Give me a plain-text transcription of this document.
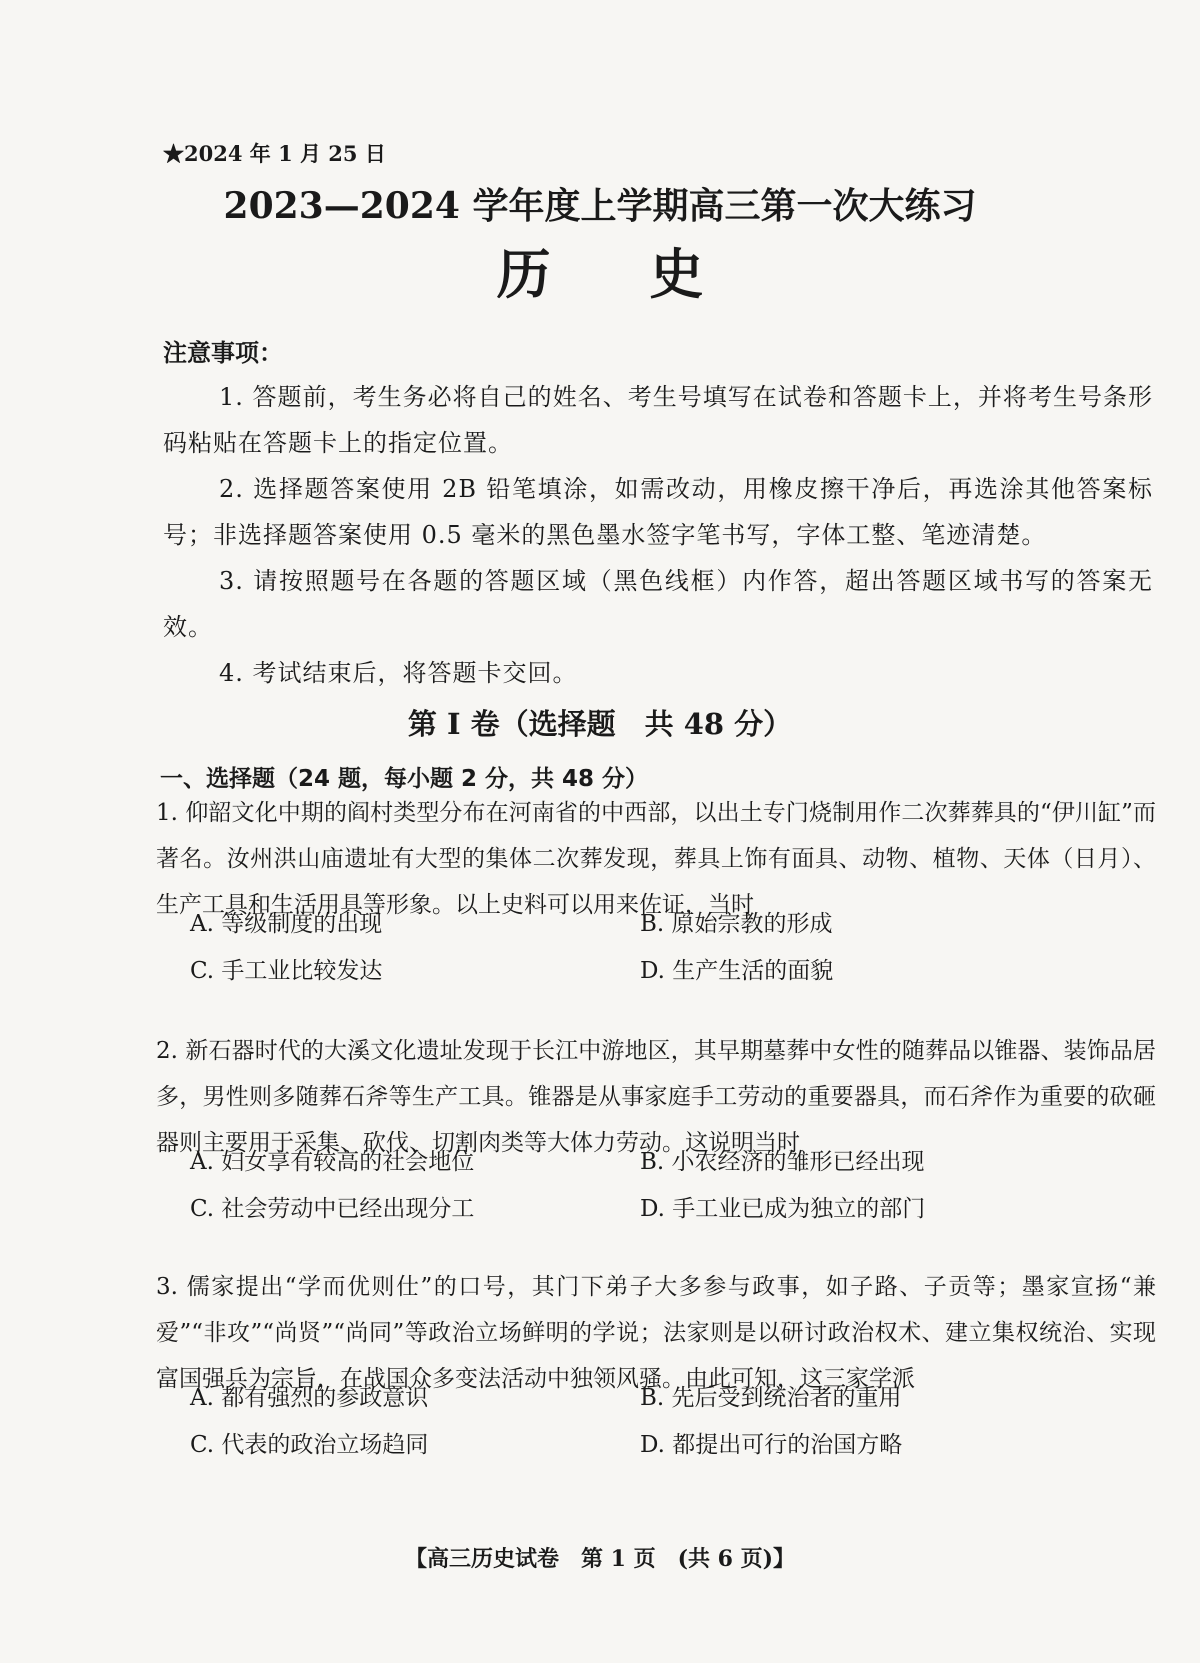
★2024 年 1 月 25 日
2023—2024 学年度上学期高三第一次大练习
历 史
注意事项：
1. 答题前，考生务必将自己的姓名、考生号填写在试卷和答题卡上，并将考生号条形码粘贴在答题卡上的指定位置。
2. 选择题答案使用 2B 铅笔填涂，如需改动，用橡皮擦干净后，再选涂其他答案标号；非选择题答案使用 0.5 毫米的黑色墨水签字笔书写，字体工整、笔迹清楚。
3. 请按照题号在各题的答题区域（黑色线框）内作答，超出答题区域书写的答案无效。
4. 考试结束后，将答题卡交回。
第 I 卷（选择题　共 48 分）
一、选择题（24 题，每小题 2 分，共 48 分）
1. 仰韶文化中期的阎村类型分布在河南省的中西部，以出土专门烧制用作二次葬葬具的“伊川缸”而著名。汝州洪山庙遗址有大型的集体二次葬发现，葬具上饰有面具、动物、植物、天体（日月）、生产工具和生活用具等形象。以上史料可以用来佐证，当时
A. 等级制度的出现	B. 原始宗教的形成
C. 手工业比较发达	D. 生产生活的面貌
2. 新石器时代的大溪文化遗址发现于长江中游地区，其早期墓葬中女性的随葬品以锥器、装饰品居多，男性则多随葬石斧等生产工具。锥器是从事家庭手工劳动的重要器具，而石斧作为重要的砍砸器则主要用于采集、砍伐、切割肉类等大体力劳动。这说明当时
A. 妇女享有较高的社会地位	B. 小农经济的雏形已经出现
C. 社会劳动中已经出现分工	D. 手工业已成为独立的部门
3. 儒家提出“学而优则仕”的口号，其门下弟子大多参与政事，如子路、子贡等；墨家宣扬“兼爱”“非攻”“尚贤”“尚同”等政治立场鲜明的学说；法家则是以研讨政治权术、建立集权统治、实现富国强兵为宗旨，在战国众多变法活动中独领风骚。由此可知，这三家学派
A. 都有强烈的参政意识	B. 先后受到统治者的重用
C. 代表的政治立场趋同	D. 都提出可行的治国方略
【高三历史试卷　第 1 页　(共 6 页)】
